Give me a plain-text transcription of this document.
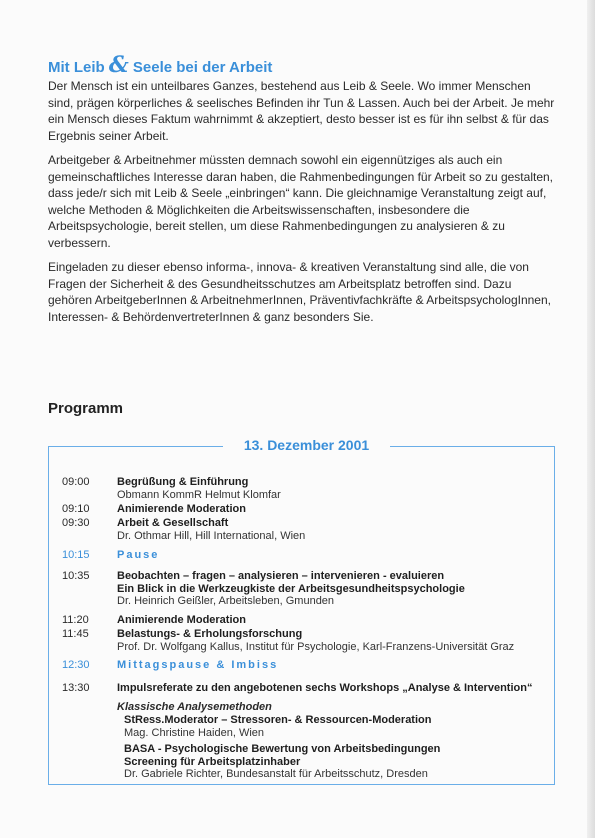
Mit Leib & Seele bei der Arbeit

Der Mensch ist ein unteilbares Ganzes, bestehend aus Leib & Seele. Wo immer Menschen sind, prägen körperliches & seelisches Befinden ihr Tun & Lassen. Auch bei der Arbeit. Je mehr ein Mensch dieses Faktum wahrnimmt & akzeptiert, desto besser ist es für ihn selbst & für das Ergebnis seiner Arbeit.

Arbeitgeber & Arbeitnehmer müssten demnach sowohl ein eigennütziges als auch ein gemeinschaftliches Interesse daran haben, die Rahmenbedingungen für Arbeit so zu gestalten, dass jede/r sich mit Leib & Seele „einbringen“ kann. Die gleichnamige Veranstaltung zeigt auf, welche Methoden & Möglichkeiten die Arbeitswissenschaften, insbesondere die Arbeitspsychologie, bereit stellen, um diese Rahmenbedingungen zu analysieren & zu verbessern.

Eingeladen zu dieser ebenso informa-, innova- & kreativen Veranstaltung sind alle, die von Fragen der Sicherheit & des Gesundheitsschutzes am Arbeitsplatz betroffen sind. Dazu gehören ArbeitgeberInnen & ArbeitnehmerInnen, Präventivfachkräfte & ArbeitspsychologInnen, Interessen- & BehördenvertreterInnen & ganz besonders Sie.

Programm
13. Dezember 2001
09:00	Begrüßung & Einführung
Obmann KommR Helmut Klomfar
09:10	Animierende Moderation
09:30	Arbeit & Gesellschaft
Dr. Othmar Hill, Hill International, Wien
10:15	Pause
10:35	Beobachten – fragen – analysieren – intervenieren - evaluieren
Ein Blick in die Werkzeugkiste der Arbeitsgesundheitspsychologie
Dr. Heinrich Geißler, Arbeitsleben, Gmunden
11:20	Animierende Moderation
11:45	Belastungs- & Erholungsforschung
Prof. Dr. Wolfgang Kallus, Institut für Psychologie, Karl-Franzens-Universität Graz
12:30	Mittagspause & Imbiss
13:30	Impulsreferate zu den angebotenen sechs Workshops „Analyse & Intervention“
Klassische Analysemethoden
StRess.Moderator – Stressoren- & Ressourcen-Moderation
Mag. Christine Haiden, Wien
BASA - Psychologische Bewertung von Arbeitsbedingungen
Screening für Arbeitsplatzinhaber
Dr. Gabriele Richter, Bundesanstalt für Arbeitsschutz, Dresden
